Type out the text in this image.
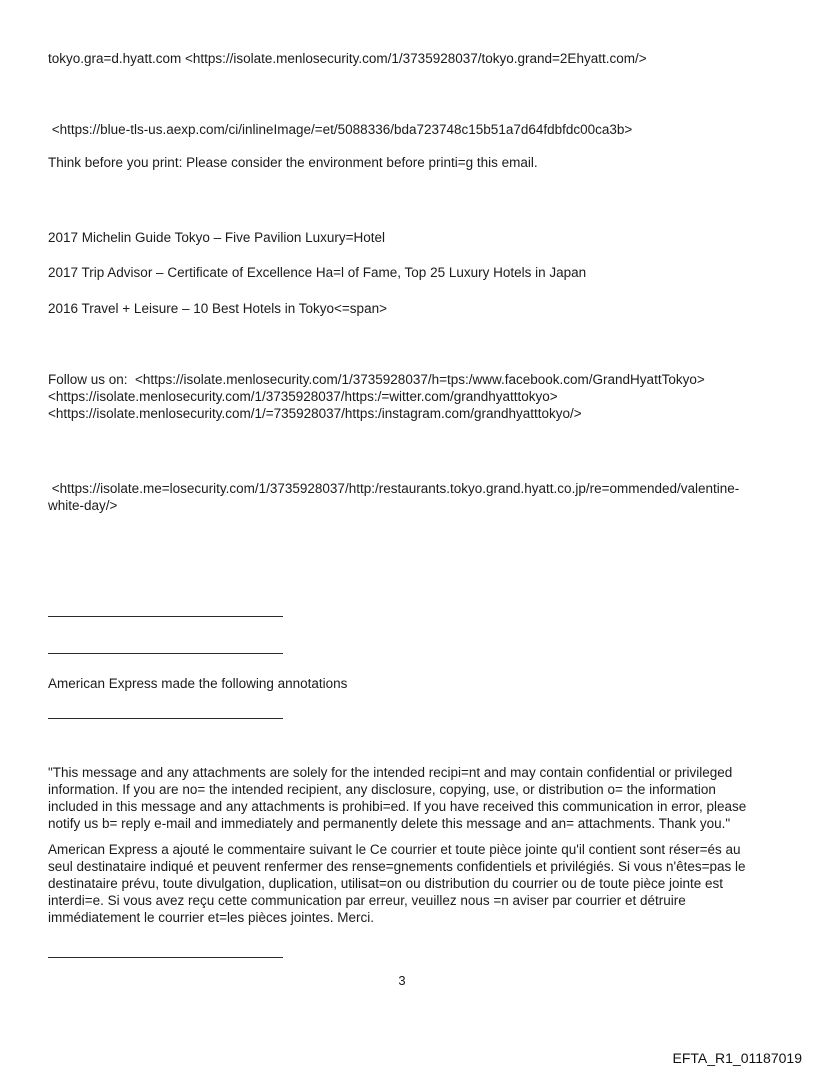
tokyo.gra=d.hyatt.com <https://isolate.menlosecurity.com/1/3735928037/tokyo.grand=2Ehyatt.com/>
<https://blue-tls-us.aexp.com/ci/inlineImage/=et/5088336/bda723748c15b51a7d64fdbfdc00ca3b>
Think before you print: Please consider the environment before printi=g this email.
2017 Michelin Guide Tokyo – Five Pavilion Luxury=Hotel
2017 Trip Advisor – Certificate of Excellence Ha=l of Fame, Top 25 Luxury Hotels in Japan
2016 Travel + Leisure – 10 Best Hotels in Tokyo<=span>
Follow us on:  <https://isolate.menlosecurity.com/1/3735928037/h=tps:/www.facebook.com/GrandHyattTokyo> <https://isolate.menlosecurity.com/1/3735928037/https:/=witter.com/grandhyatttokyo> <https://isolate.menlosecurity.com/1/=735928037/https:/instagram.com/grandhyatttokyo/>
<https://isolate.me=losecurity.com/1/3735928037/http:/restaurants.tokyo.grand.hyatt.co.jp/re=ommended/valentine-white-day/>
American Express made the following annotations
"This message and any attachments are solely for the intended recipi=nt and may contain confidential or privileged information. If you are no= the intended recipient, any disclosure, copying, use, or distribution o= the information included in this message and any attachments is prohibi=ed. If you have received this communication in error, please notify us b= reply e-mail and immediately and permanently delete this message and an= attachments. Thank you."
American Express a ajouté le commentaire suivant le Ce courrier et toute pièce jointe qu'il contient sont réser=és au seul destinataire indiqué et peuvent renfermer des rense=gnements confidentiels et privilégiés. Si vous n'êtes=pas le destinataire prévu, toute divulgation, duplication, utilisat=on ou distribution du courrier ou de toute pièce jointe est interdi=e. Si vous avez reçu cette communication par erreur, veuillez nous =n aviser par courrier et détruire immédiatement le courrier et=les pièces jointes. Merci.
3
EFTA_R1_01187019
